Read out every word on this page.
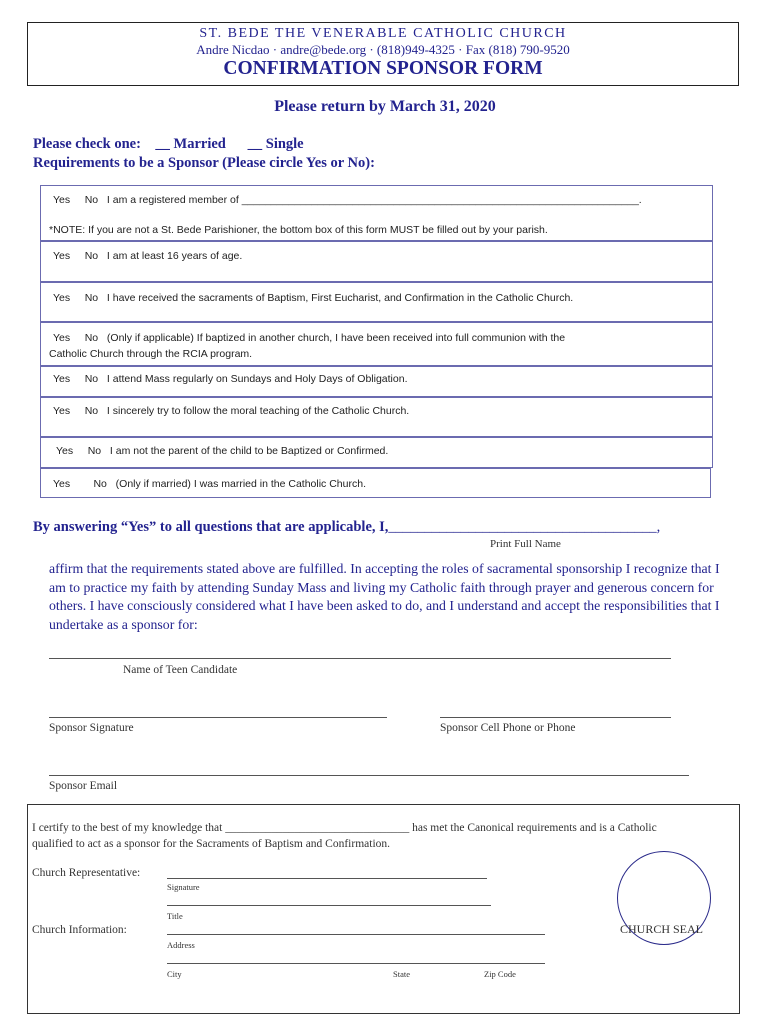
ST. BEDE THE VENERABLE CATHOLIC CHURCH
Andre Nicdao · andre@bede.org · (818)949-4325 · Fax (818) 790-9520
CONFIRMATION SPONSOR FORM
Please return by March 31, 2020
Please check one:    __ Married      __ Single
Requirements to be a Sponsor (Please circle Yes or No):
Yes     No I am a registered member of ____________________________________________________________________.
*NOTE: If you are not a St. Bede Parishioner, the bottom box of this form MUST be filled out by your parish.
Yes     No I am at least 16 years of age.
Yes     No I have received the sacraments of Baptism, First Eucharist, and Confirmation in the Catholic Church.
Yes     No (Only if applicable) If baptized in another church, I have been received into full communion with the
Catholic Church through the RCIA program.
Yes     No I attend Mass regularly on Sundays and Holy Days of Obligation.
Yes     No I sincerely try to follow the moral teaching of the Catholic Church.
Yes     No I am not the parent of the child to be Baptized or Confirmed.
Yes        No (Only if married) I was married in the Catholic Church.
By answering “Yes” to all questions that are applicable, I,_____________________________________,
Print Full Name
affirm that the requirements stated above are fulfilled. In accepting the roles of sacramental sponsorship I recognize that I am to practice my faith by attending Sunday Mass and living my Catholic faith through prayer and generous concern for others. I have consciously considered what I have been asked to do, and I understand and accept the responsibilities that I undertake as a sponsor for:
Name of Teen Candidate
Sponsor Signature	Sponsor Cell Phone or Phone
Sponsor Email
I certify to the best of my knowledge that ________________________________ has met the Canonical requirements and is a Catholic
qualified to act as a sponsor for the Sacraments of Baptism and Confirmation.
Church Representative:
Signature
Title
Church Information:
Address
City	State	Zip Code
CHURCH SEAL
